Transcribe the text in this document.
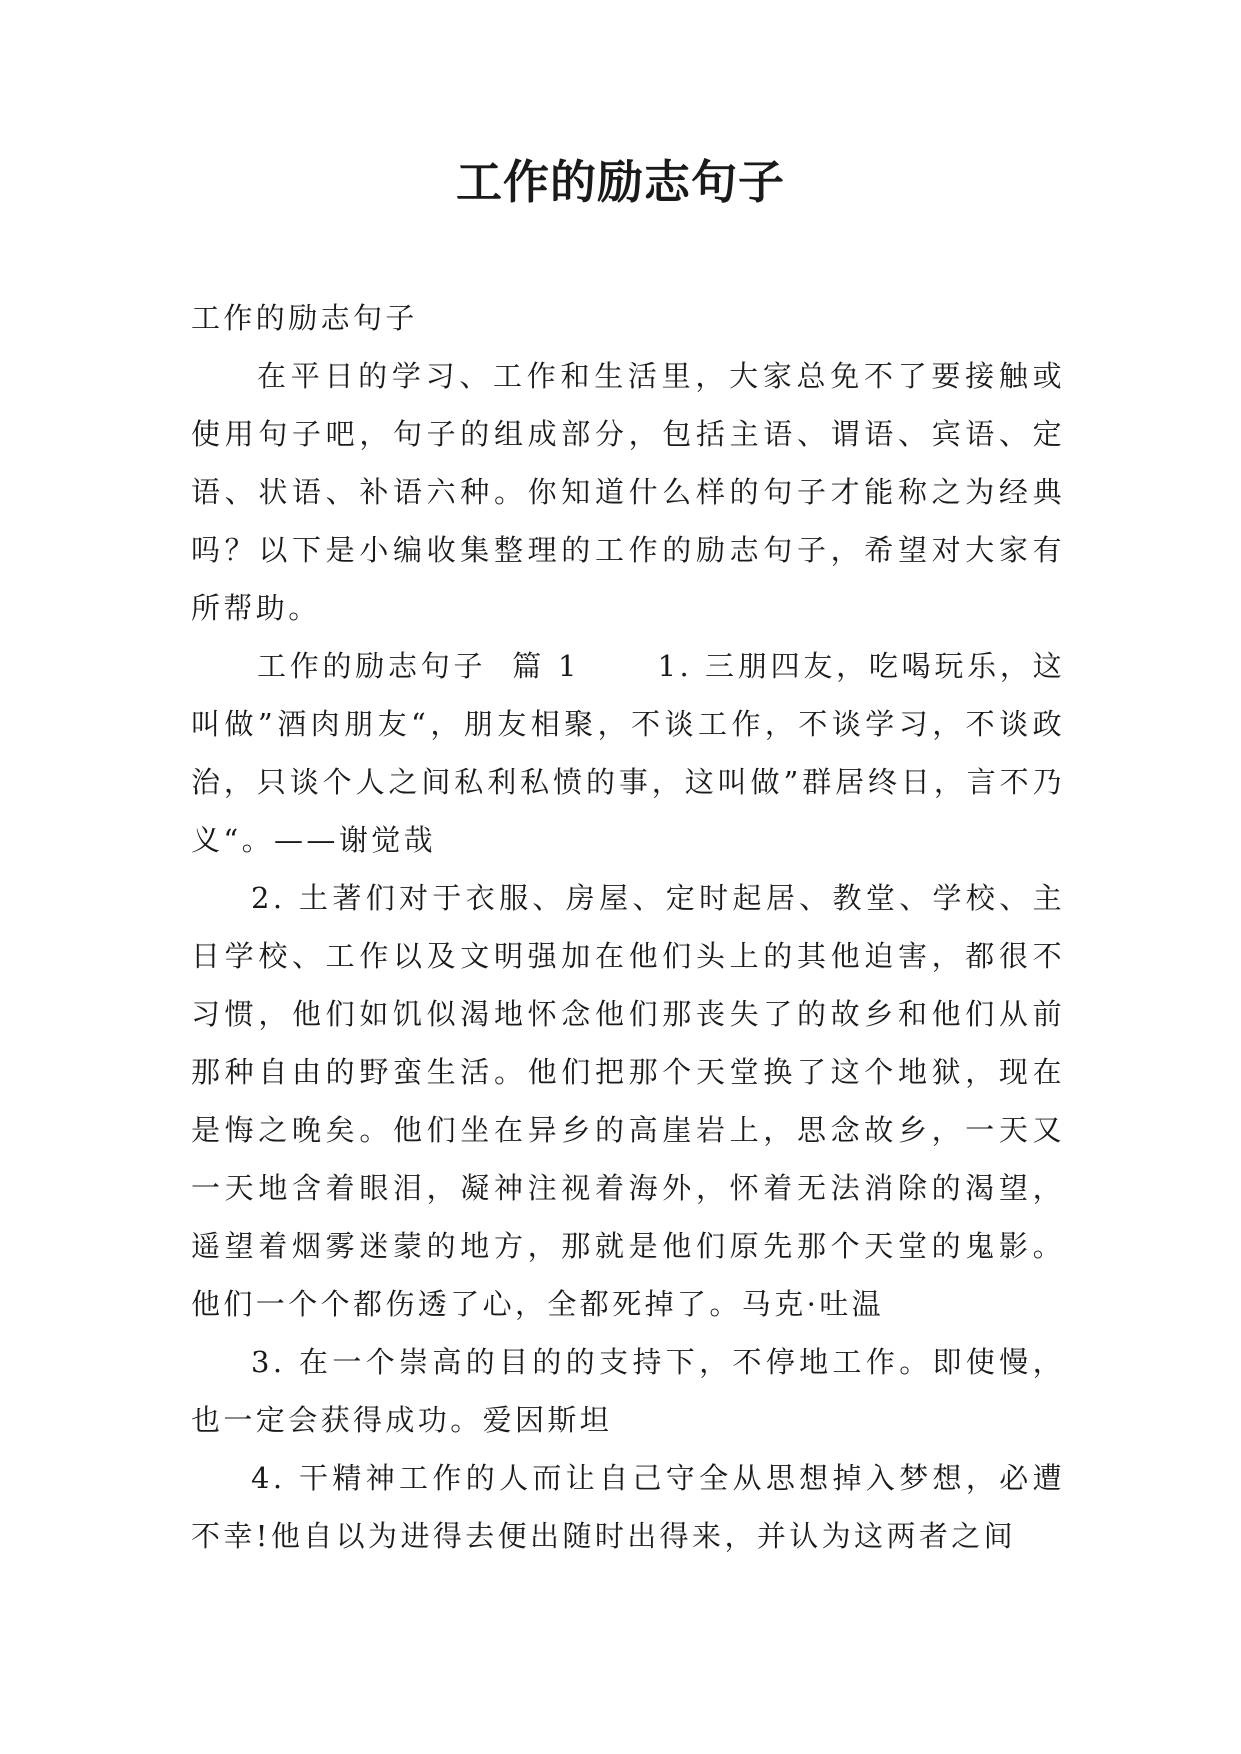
工作的励志句子

工作的励志句子

在平日的学习、工作和生活里，大家总免不了要接触或使用句子吧，句子的组成部分，包括主语、谓语、宾语、定语、状语、补语六种。你知道什么样的句子才能称之为经典吗？以下是小编收集整理的工作的励志句子，希望对大家有所帮助。

工作的励志句子  篇 1      1. 三朋四友，吃喝玩乐，这叫做”酒肉朋友“，朋友相聚，不谈工作，不谈学习，不谈政治，只谈个人之间私利私愤的事，这叫做”群居终日，言不乃义“。——谢觉哉

2. 土著们对于衣服、房屋、定时起居、教堂、学校、主日学校、工作以及文明强加在他们头上的其他迫害，都很不习惯，他们如饥似渴地怀念他们那丧失了的故乡和他们从前那种自由的野蛮生活。他们把那个天堂换了这个地狱，现在是悔之晚矣。他们坐在异乡的高崖岩上，思念故乡，一天又一天地含着眼泪，凝神注视着海外，怀着无法消除的渴望，遥望着烟雾迷蒙的地方，那就是他们原先那个天堂的鬼影。他们一个个都伤透了心，全都死掉了。马克·吐温

3. 在一个崇高的目的的支持下，不停地工作。即使慢，也一定会获得成功。爱因斯坦

4. 干精神工作的人而让自己守全从思想掉入梦想，必遭不幸!他自以为进得去便出随时出得来，并认为这两者之间
